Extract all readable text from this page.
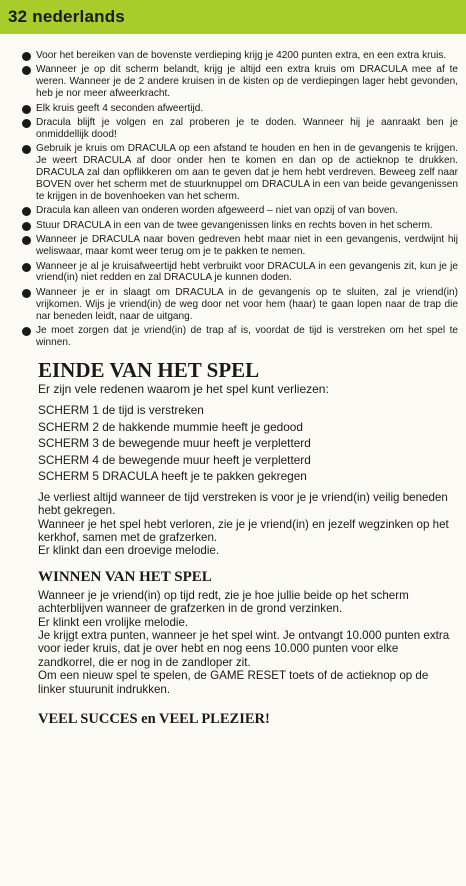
32 nederlands
Voor het bereiken van de bovenste verdieping krijg je 4200 punten extra, en een extra kruis.
Wanneer je op dit scherm belandt, krijg je altijd een extra kruis om DRACULA mee af te weren. Wanneer je de 2 andere kruisen in de kisten op de verdiepingen lager hebt gevonden, heb je nor meer afweerkracht.
Elk kruis geeft 4 seconden afweertijd.
Dracula blijft je volgen en zal proberen je te doden. Wanneer hij je aanraakt ben je onmiddellijk dood!
Gebruik je kruis om DRACULA op een afstand te houden en hen in de gevangenis te krijgen. Je weert DRACULA af door onder hen te komen en dan op de actieknop te drukken. DRACULA zal dan opflikkeren om aan te geven dat je hem hebt verdreven. Beweeg zelf naar BOVEN over het scherm met de stuurknuppel om DRACULA in een van beide gevangenissen te krijgen in de bovenhoeken van het scherm.
Dracula kan alleen van onderen worden afgeweerd – niet van opzij of van boven.
Stuur DRACULA in een van de twee gevangenissen links en rechts boven in het scherm.
Wanneer je DRACULA naar boven gedreven hebt maar niet in een gevangenis, verdwijnt hij weliswaar, maar komt weer terug om je te pakken te nemen.
Wanneer je al je kruisafweertijd hebt verbruikt voor DRACULA in een gevangenis zit, kun je je vriend(in) niet redden en zal DRACULA je kunnen doden.
Wanneer je er in slaagt om DRACULA in de gevangenis op te sluiten, zal je vriend(in) vrijkomen. Wijs je vriend(in) de weg door net voor hem (haar) te gaan lopen naar de trap die nar beneden leidt, naar de uitgang.
Je moet zorgen dat je vriend(in) de trap af is, voordat de tijd is verstreken om het spel te winnen.
EINDE VAN HET SPEL

Er zijn vele redenen waarom je het spel kunt verliezen:

SCHERM 1 de tijd is verstreken
SCHERM 2 de hakkende mummie heeft je gedood
SCHERM 3 de bewegende muur heeft je verpletterd
SCHERM 4 de bewegende muur heeft je verpletterd
SCHERM 5 DRACULA heeft je te pakken gekregen

Je verliest altijd wanneer de tijd verstreken is voor je je vriend(in) veilig beneden hebt gekregen.
Wanneer je het spel hebt verloren, zie je je vriend(in) en jezelf wegzinken op het kerkhof, samen met de grafzerken.
Er klinkt dan een droevige melodie.

WINNEN VAN HET SPEL

Wanneer je je vriend(in) op tijd redt, zie je hoe jullie beide op het scherm achterblijven wanneer de grafzerken in de grond verzinken.
Er klinkt een vrolijke melodie.
Je krijgt extra punten, wanneer je het spel wint. Je ontvangt 10.000 punten extra voor ieder kruis, dat je over hebt en nog eens 10.000 punten voor elke zandkorrel, die er nog in de zandloper zit.
Om een nieuw spel te spelen, de GAME RESET toets of de actieknop op de linker stuurunit indrukken.

VEEL SUCCES en VEEL PLEZIER!
